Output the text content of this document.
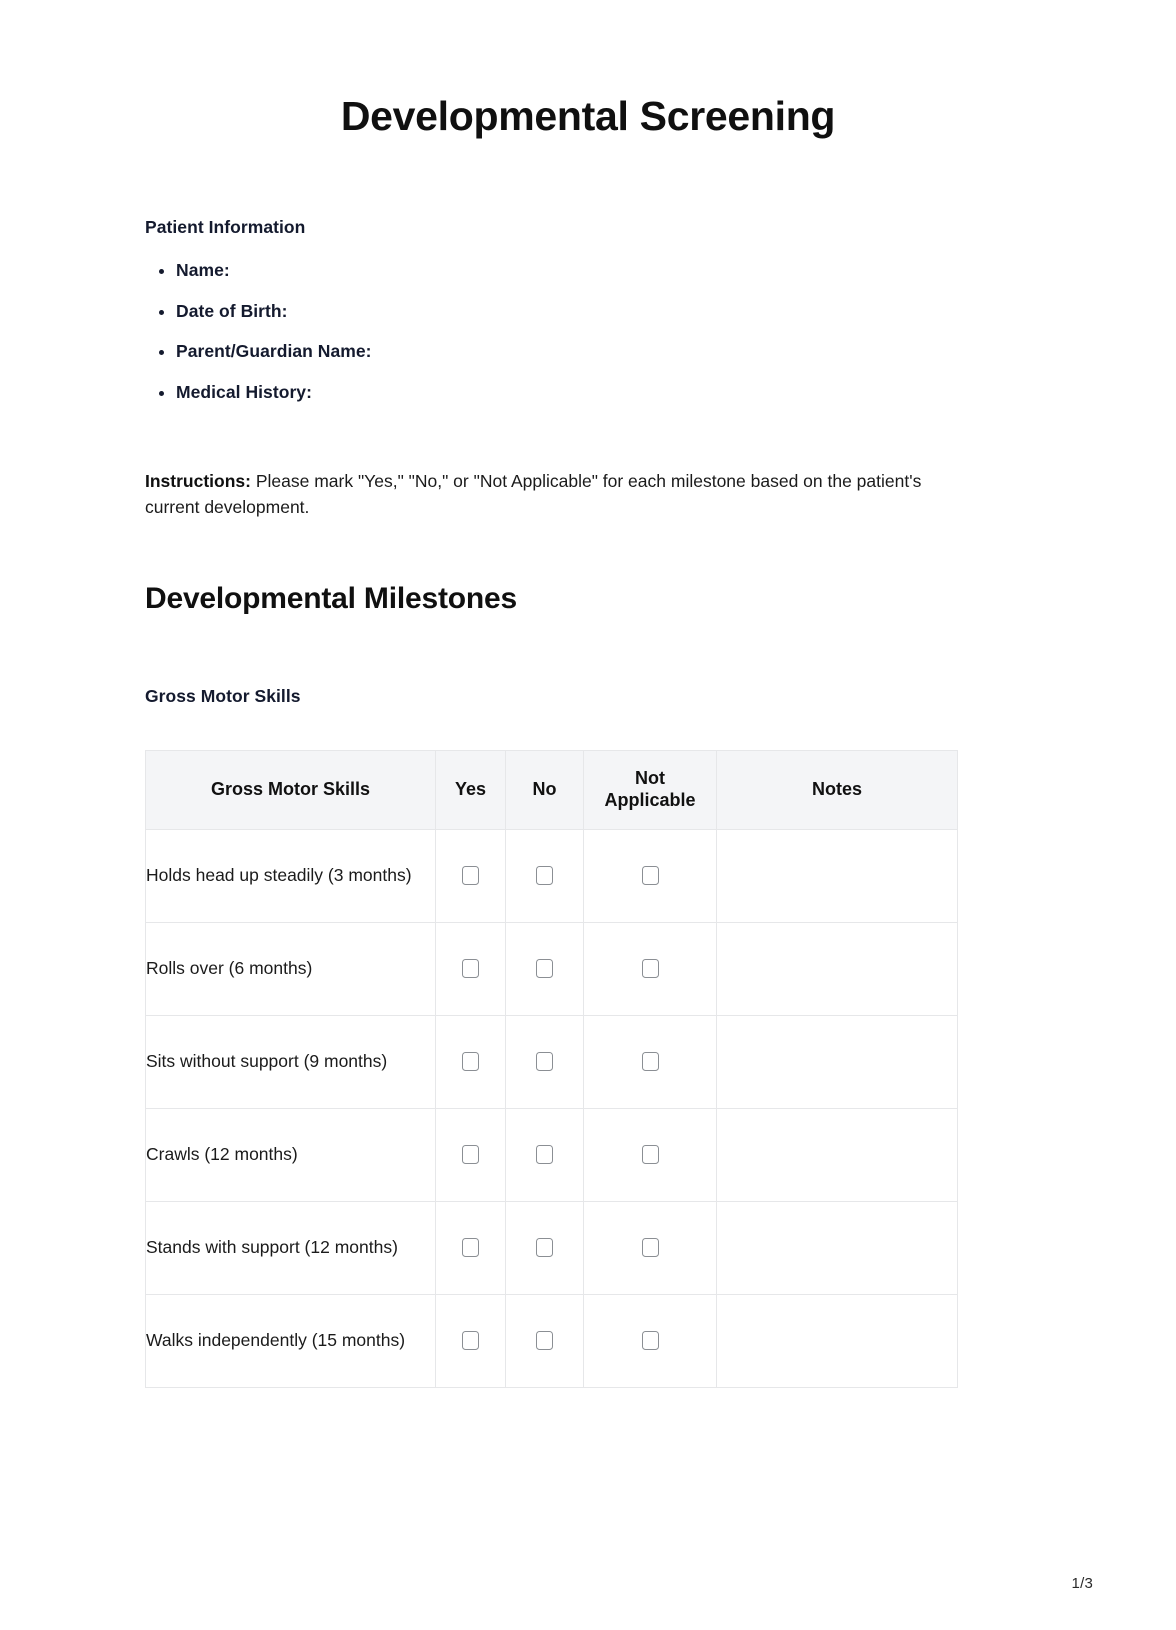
Developmental Screening
Patient Information
Name:
Date of Birth:
Parent/Guardian Name:
Medical History:

Instructions: Please mark "Yes," "No," or "Not Applicable" for each milestone based on the patient's current development.

Developmental Milestones
Gross Motor Skills
Gross Motor Skills	Yes	No	Not Applicable	Notes
Holds head up steadily (3 months)				
Rolls over (6 months)				
Sits without support (9 months)				
Crawls (12 months)				
Stands with support (12 months)				
Walks independently (15 months)				
1/3
